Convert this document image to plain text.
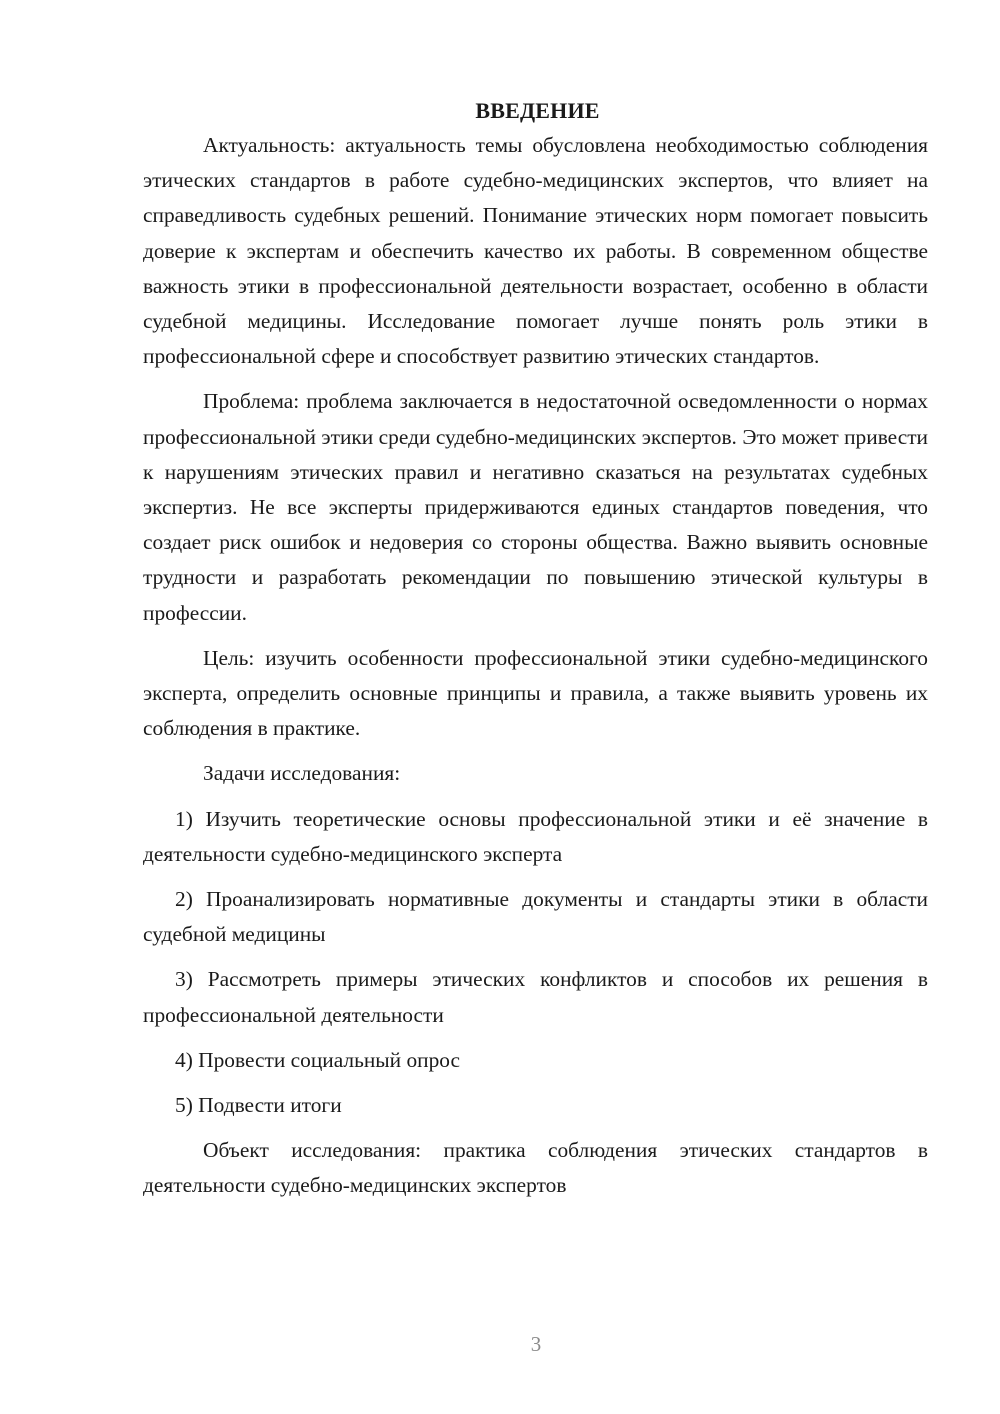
ВВЕДЕНИЕ

Актуальность: актуальность темы обусловлена необходимостью соблюдения этических стандартов в работе судебно-медицинских экспертов, что влияет на справедливость судебных решений. Понимание этических норм помогает повысить доверие к экспертам и обеспечить качество их работы. В современном обществе важность этики в профессиональной деятельности возрастает, особенно в области судебной медицины. Исследование помогает лучше понять роль этики в профессиональной сфере и способствует развитию этических стандартов.

Проблема: проблема заключается в недостаточной осведомленности о нормах профессиональной этики среди судебно-медицинских экспертов. Это может привести к нарушениям этических правил и негативно сказаться на результатах судебных экспертиз. Не все эксперты придерживаются единых стандартов поведения, что создает риск ошибок и недоверия со стороны общества. Важно выявить основные трудности и разработать рекомендации по повышению этической культуры в профессии.

Цель: изучить особенности профессиональной этики судебно-медицинского эксперта, определить основные принципы и правила, а также выявить уровень их соблюдения в практике.

Задачи исследования:

1) Изучить теоретические основы профессиональной этики и её значение в деятельности судебно-медицинского эксперта

2) Проанализировать нормативные документы и стандарты этики в области судебной медицины

3) Рассмотреть примеры этических конфликтов и способов их решения в профессиональной деятельности

4) Провести социальный опрос

5) Подвести итоги

Объект исследования: практика соблюдения этических стандартов в деятельности судебно-медицинских экспертов

3
